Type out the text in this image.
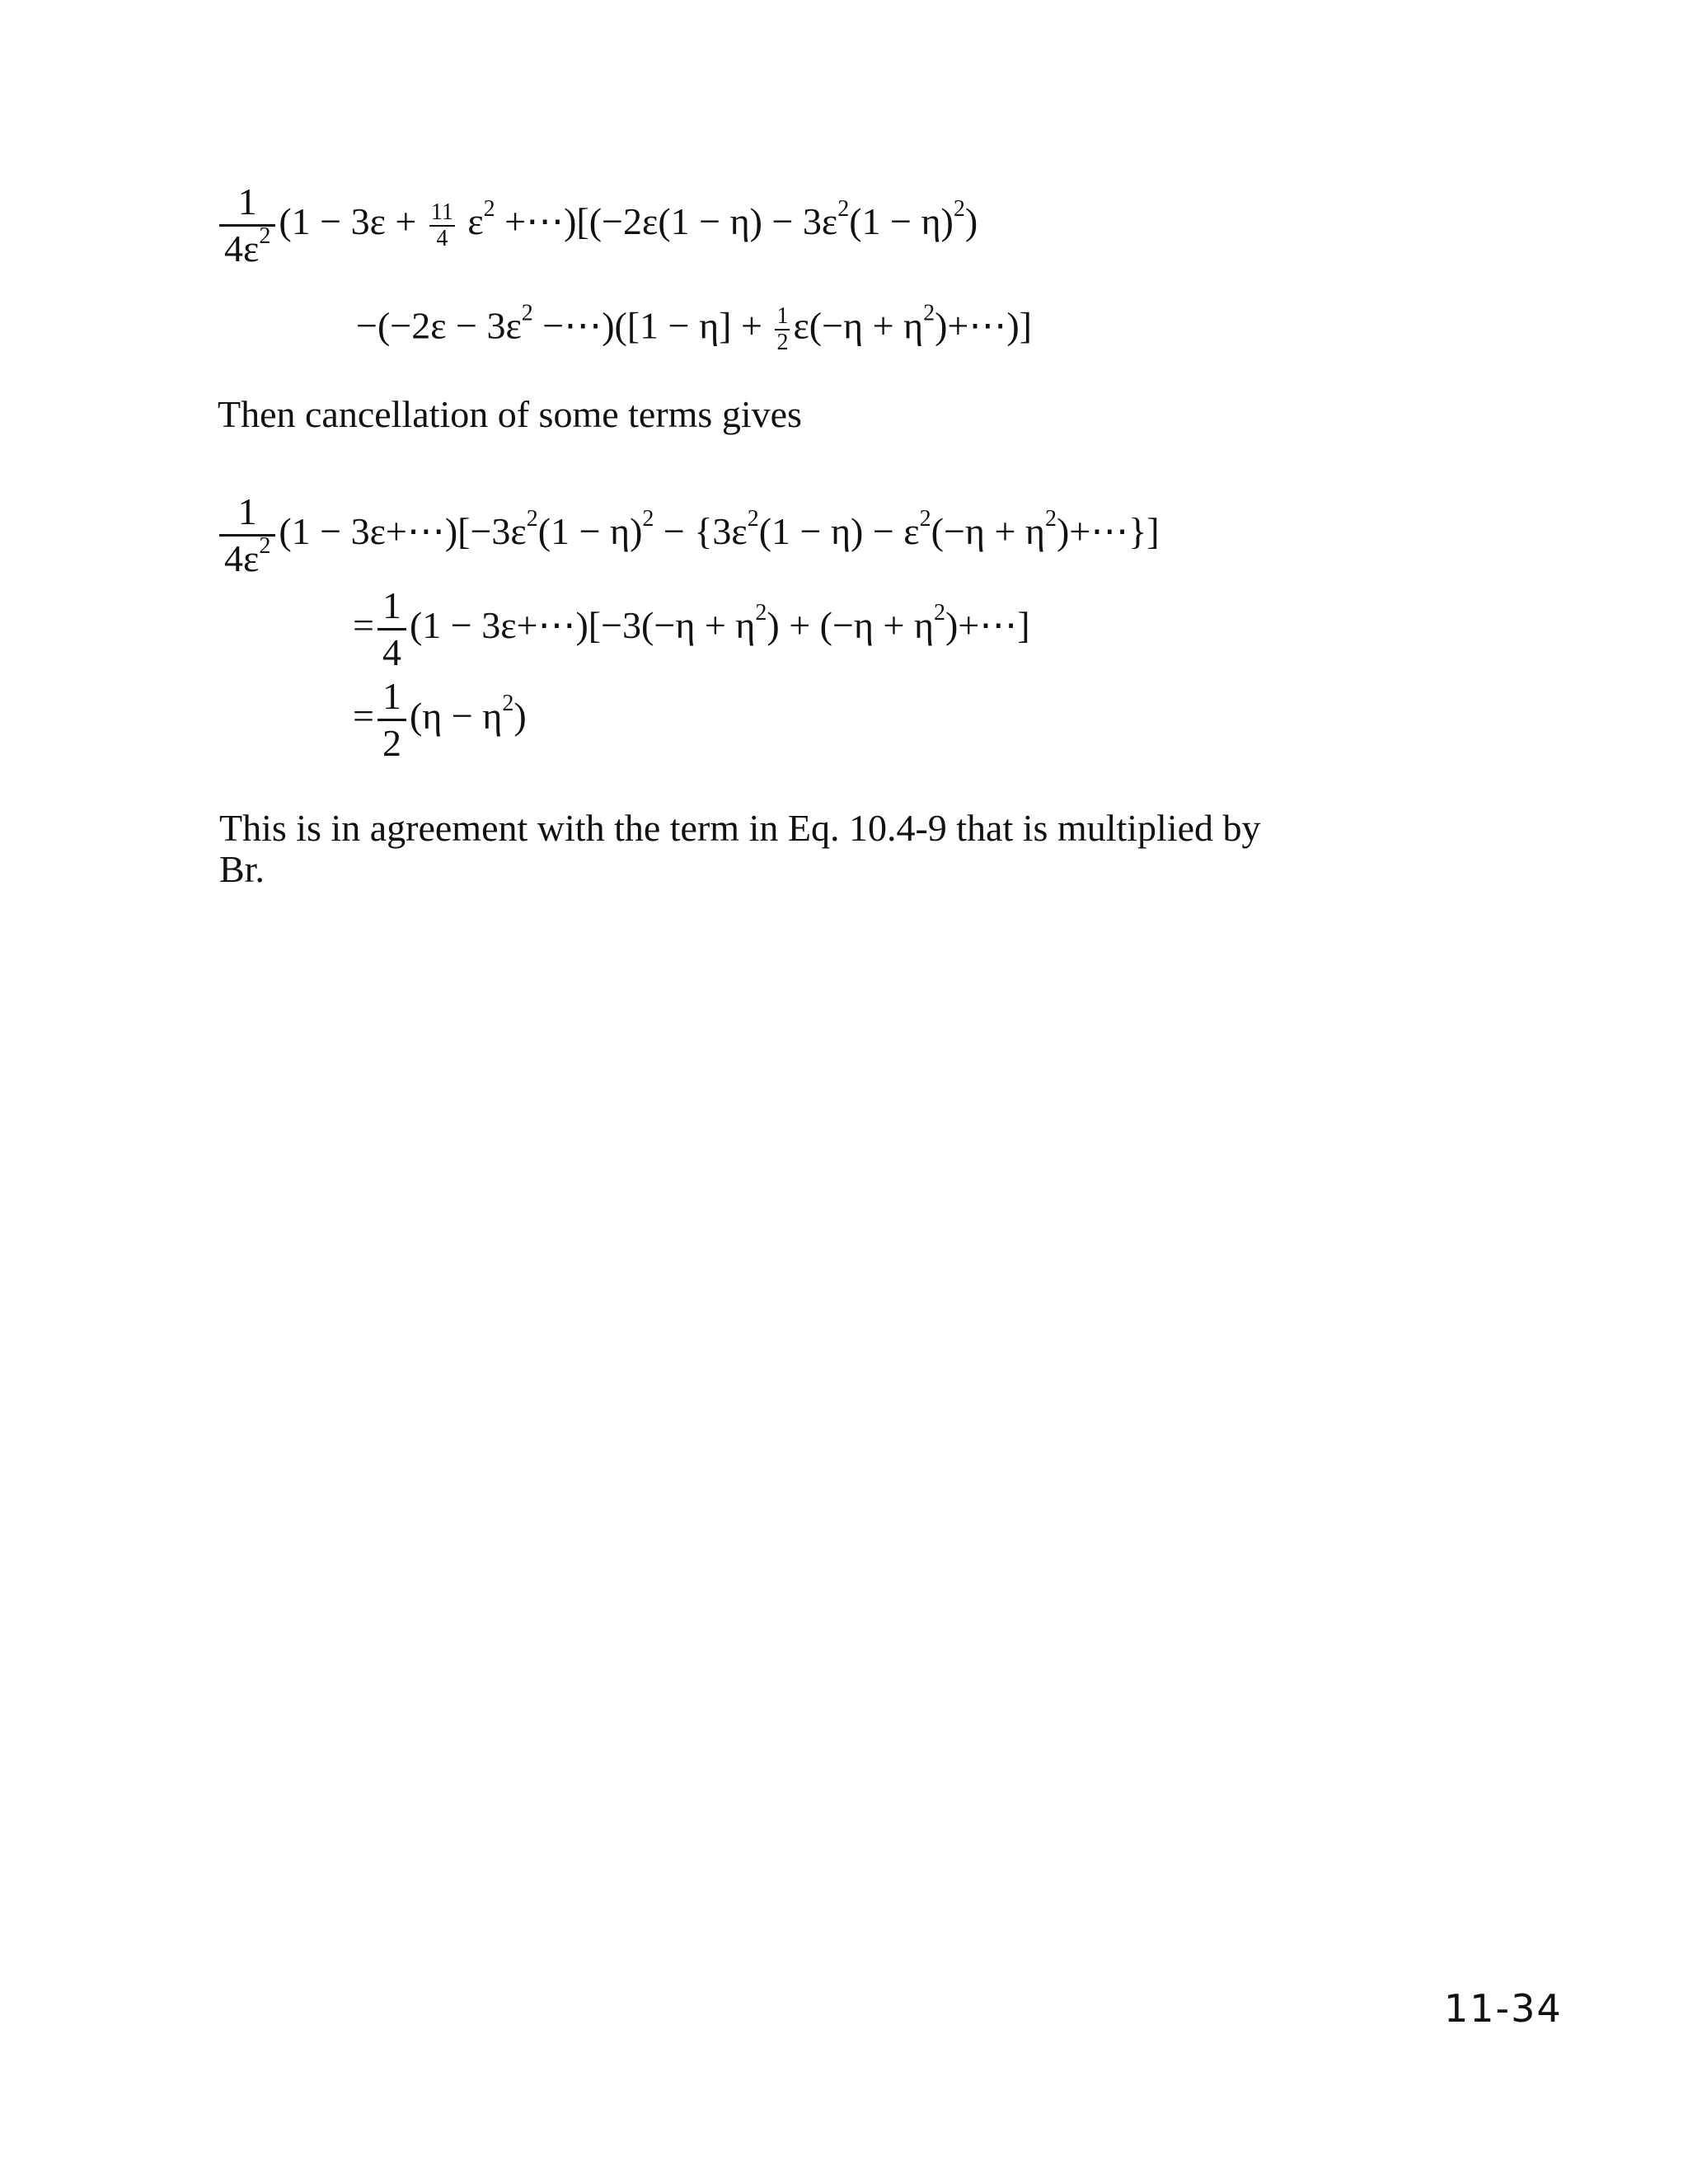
$\frac{1}{4\varepsilon^2} (1 - 3\varepsilon + \frac{11}{4} \varepsilon^2$ +⋯)[(−2ε(1 − $\eta) - 3\varepsilon^2(1 - \eta)^2$)
$-(-2\varepsilon - 3\varepsilon^2$ −⋯)([1 − $\eta] + \frac{1}{2} \varepsilon(-\eta$ + $\eta^2)+\cdots$)]
Then cancellation of some terms gives
$\frac{1}{4\varepsilon^2} (1$ − $3\varepsilon+\cdots)[-3\varepsilon^2(1 - \eta)^2 - \{3\varepsilon^2(1 - \eta) - \varepsilon^2(-\eta$ + $\eta^2)+\cdots$}]
= $\frac{1}{4} (1$ − 3ε+⋯)[−3(−η + $\eta^2) + (-\eta$ + $\eta^2)+\cdots$]
= $\frac{1}{2} (\eta - \eta^2)$
This is in agreement with the term in Eq. 10.4-9 that is multiplied by
Br.
11-34
